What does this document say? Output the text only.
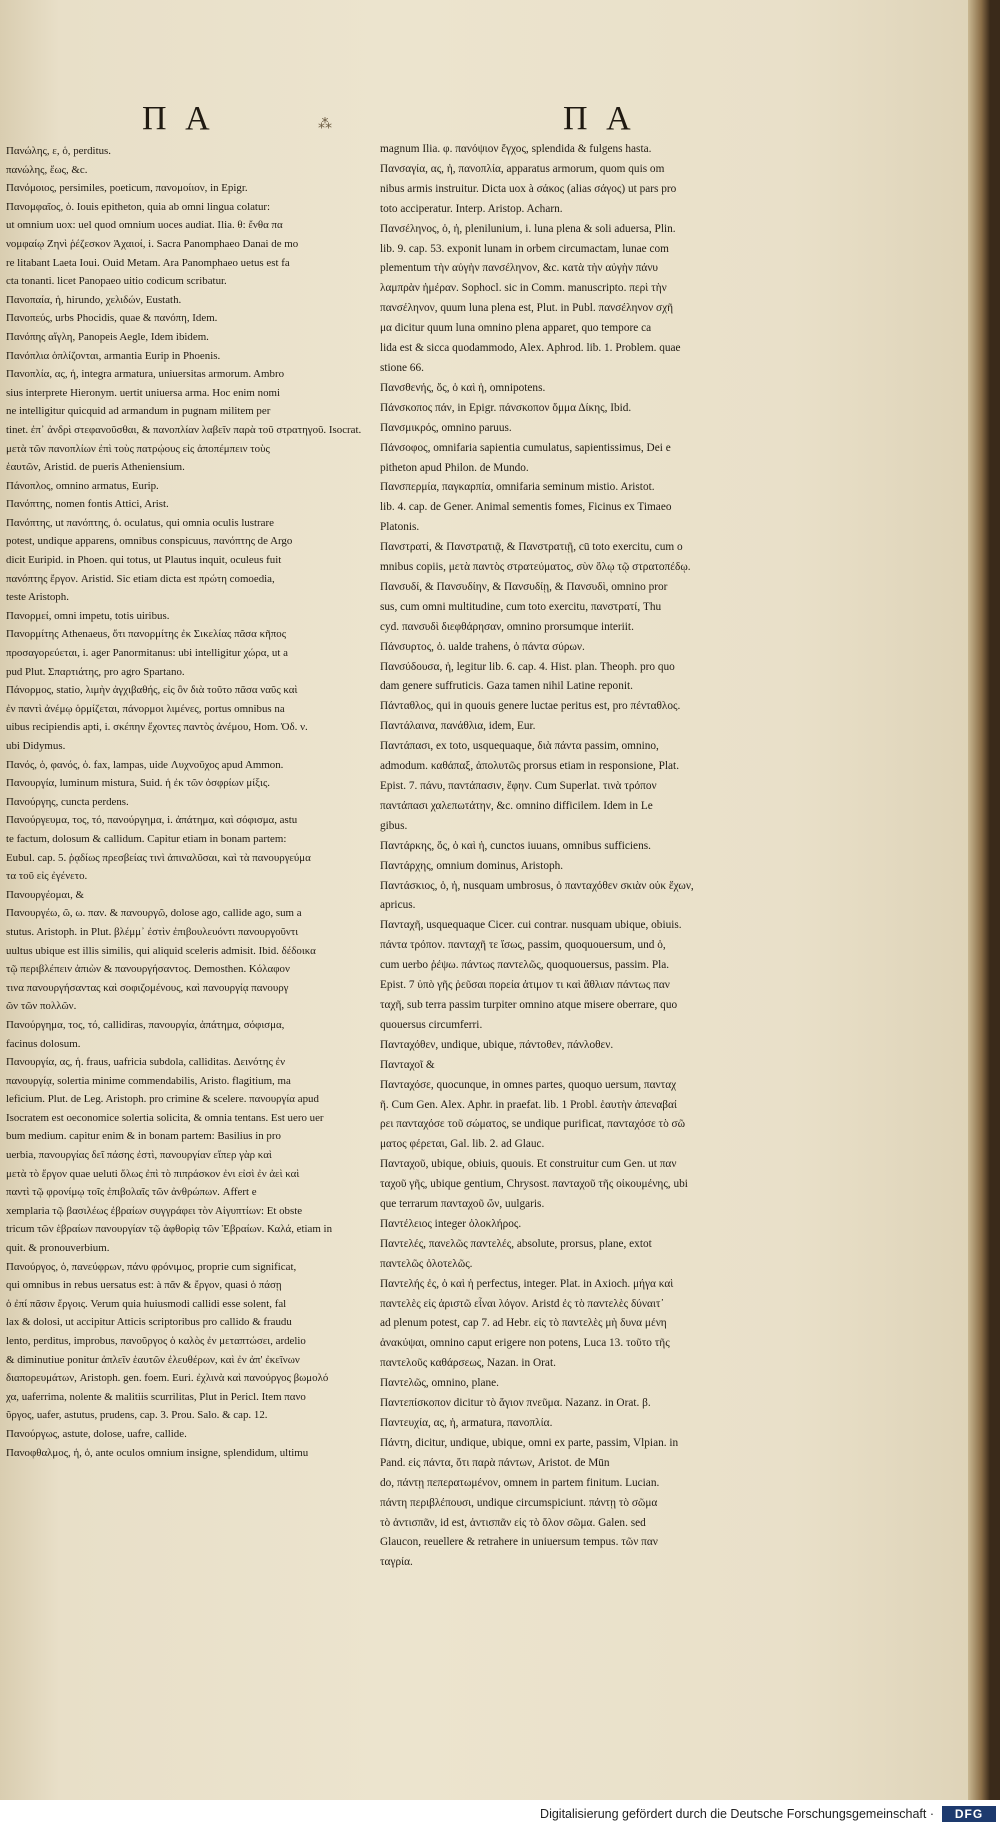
Π Α	⁂	Π Α
Πανώλης, ε, ὁ, perditus.
πανώλης, ἕως, &c.
Πανόμοιος, persimiles, poeticum, πανομοίιον, in Epigr.
Πανομφαῖος, ὁ. Iouis epitheton, quia ab omni lingua colatur:
ut omnium uox: uel quod omnium uoces audiat. Ilia. θ: ἔνθα πα
νομφαίῳ Ζηνὶ ῥέζεσκον Ἀχαιοί, i. Sacra Panomphaeo Danai de mo
re litabant Laeta Ioui. Ouid Metam. Ara Panomphaeo uetus est fa
cta tonanti. licet Panopaeo uitio codicum scribatur.
Πανοπαία, ἡ, hirundo, χελιδών, Eustath.
Πανοπεύς, urbs Phocidis, quae & πανόπη, Idem.
Πανόπης αἴγλη, Panopeis Aegle, Idem ibidem.
Πανόπλια ὁπλίζονται, armantia Eurip in Phoenis.
Πανοπλία, ας, ἡ, integra armatura, uniuersitas armorum. Ambro
sius interprete Hieronym. uertit uniuersa arma. Hoc enim nomi
ne intelligitur quicquid ad armandum in pugnam militem per
tinet. ἐπ᾽ ἀνδρὶ στεφανοῦσθαι, & πανοπλίαν λαβεῖν παρὰ τοῦ στρατηγοῦ. Isocrat.
μετὰ τῶν πανοπλίων ἐπὶ τοὺς πατρῴους εἰς ἀποπέμπειν τοὺς
ἑαυτῶν, Aristid. de pueris Atheniensium.
Πάνοπλος, omnino armatus, Eurip.
Πανόπτης, nomen fontis Attici, Arist.
Πανόπτης, ut πανόπτης, ὁ. oculatus, qui omnia oculis lustrare
potest, undique apparens, omnibus conspicuus, πανόπτης de Argo
dicit Euripid. in Phoen. qui totus, ut Plautus inquit, oculeus fuit
πανόπτης ἔργον. Aristid. Sic etiam dicta est πρώτη comoedia,
teste Aristoph.
Πανορμεί, omni impetu, totis uiribus.
Πανορμίτης Athenaeus, ὅτι πανορμίτης ἐκ Σικελίας πᾶσα κῆπος
προσαγορεύεται, i. ager Panormitanus: ubi intelligitur χώρα, ut a
pud Plut. Σπαρτιάτης, pro agro Spartano.
Πάνορμος, statio, λιμὴν ἀγχιβαθής, εἰς ὃν διὰ τοῦτο πᾶσα ναῦς καὶ
ἐν παντὶ ἀνέμῳ ὁρμίζεται, πάνορμοι λιμένες, portus omnibus na
uibus recipiendis apti, i. σκέπην ἔχοντες παντὸς ἀνέμου, Hom. Ὀδ. ν.
ubi Didymus.
Πανός, ὁ, φανός, ὁ. fax, lampas, uide Λυχνοῦχος apud Ammon.
Πανουργία, luminum mistura, Suid. ἡ ἐκ τῶν ὀσφρίων μίξις.
Πανούργης, cuncta perdens.
Πανούργευμα, τος, τό, πανούργημα, i. ἀπάτημα, καὶ σόφισμα, astu
te factum, dolosum & callidum. Capitur etiam in bonam partem:
Eubul. cap. 5. ῥᾳδίως πρεσβείας τινὶ ἀπιναλῦσαι, καὶ τὰ πανουργεύμα
τα τοῦ εἰς ἐγένετο.
Πανουργέομαι, &
Πανουργέω, ῶ, ω. παν. & πανουργῶ, dolose ago, callide ago, sum a
stutus. Aristoph. in Plut. βλέμμ᾽ ἐστὶν ἐπιβουλευόντι πανουργοῦντι
uultus ubique est illis similis, qui aliquid sceleris admisit. Ibid. δέδοικα
τῷ περιβλέπειν ἀπιὼν & πανουργήσαντος. Demosthen. Κόλαφον
τινα πανουργήσαντας καὶ σοφιζομένους, καὶ πανουργίᾳ πανουργ
ῶν τῶν πολλῶν.
Πανούργημα, τος, τό, callidiras, πανουργία, ἀπάτημα, σόφισμα,
facinus dolosum.
Πανουργία, ας, ἡ. fraus, uafricia subdola, calliditas. Δεινότης ἐν
πανουργίᾳ, solertia minime commendabilis, Aristo. flagitium, ma
leficium. Plut. de Leg. Aristoph. pro crimine & scelere. πανουργία apud
Isocratem est oeconomice solertia solicita, & omnia tentans. Est uero uer
bum medium. capitur enim & in bonam partem: Basilius in pro
uerbia, πανουργίας δεῖ πάσης ἐστὶ, πανουργίαν εἴπερ γὰρ καὶ
μετὰ τὸ ἔργον quae ueluti ὅλως ἐπὶ τὸ πιπράσκον ἐνι εἰσὶ ἐν ἀεὶ καὶ
παντὶ τῷ φρονίμῳ τοῖς ἐπιβολαῖς τῶν ἀνθρώπων. Affert e
xemplaria τῷ βασιλέως ἐβραίων συγγράφει τὸν Αἰγυπτίων: Et obste
tricum τῶν ἑβραίων πανουργίαν τῷ ἀφθορὶᾳ τῶν Ἑβραίων. Καλά, etiam in
quit. & pronouverbium.
Πανούργος, ὁ, πανεύφρων, πάνυ φρόνιμος, proprie cum significat,
qui omnibus in rebus uersatus est: à πᾶν & ἔργον, quasi ὁ πάσῃ
ὁ ἐπί πᾶσιν ἔργοις. Verum quia huiusmodi callidi esse solent, fal
lax & dolosi, ut accipitur Atticis scriptoribus pro callido & fraudu
lento, perditus, improbus, πανοῦργος ὁ καλὸς ἐν μεταπτώσει, ardelio
& diminutiue ponitur ἀπλεῖν ἑαυτῶν ἐλευθέρων, καὶ ἐν ἀπ' ἐκεῖνων
διαπορευμάτων, Aristoph. gen. foem. Euri. ἐχλινὰ καὶ πανούργος βωμολό
χα, uaferrima, nolente & malitiis scurrilitas, Plut in Pericl. Item πανο
ῦργος, uafer, astutus, prudens, cap. 3. Prou. Salo. & cap. 12.
Πανούργως, astute, dolose, uafre, callide.
Πανοφθαλμος, ἡ, ὁ, ante oculos omnium insigne, splendidum, ultimu
magnum Ilia. φ. πανόψιον ἔγχος, splendida & fulgens hasta.
Πανσαγία, ας, ἡ, πανοπλία, apparatus armorum, quom quis om
nibus armis instruitur. Dicta uox à σάκος (alias σάγος) ut pars pro
toto acciperatur. Interp. Aristop. Acharn.
Πανσέληνος, ὁ, ἡ, plenilunium, i. luna plena & soli aduersa, Plin.
lib. 9. cap. 53. exponit lunam in orbem circumactam, lunae com
plementum τὴν αὐγὴν πανσέληνον, &c. κατὰ τὴν αὐγὴν πάνυ
λαμπρὰν ἡμέραν. Sophocl. sic in Comm. manuscripto. περὶ τὴν
πανσέληνον, quum luna plena est, Plut. in Publ. πανσέληνον σχῆ
μα dicitur quum luna omnino plena apparet, quo tempore ca
lida est & sicca quodammodo, Alex. Aphrod. lib. 1. Problem. quae
stione 66.
Πανσθενής, ὅς, ὁ καὶ ἡ, omnipotens.
Πάνσκοπος πάν, in Epigr. πάνσκοπον ὄμμα Δίκης, Ibid.
Πανσμικρός, omnino paruus.
Πάνσοφος, omnifaria sapientia cumulatus, sapientissimus, Dei e
pitheton apud Philon. de Mundo.
Πανσπερμία, παγκαρπία, omnifaria seminum mistio. Aristot.
lib. 4. cap. de Gener. Animal sementis fomes, Ficinus ex Timaeo
Platonis.
Πανστρατί, & Πανστρατιᾷ, & Πανστρατιῇ, cū toto exercitu, cum o
mnibus copiis, μετὰ παντὸς στρατεύματος, σὺν ὅλῳ τῷ στρατοπέδῳ.
Πανσυδί, & Πανσυδίην, & Πανσυδίῃ, & Πανσυδὶ, omnino pror
sus, cum omni multitudine, cum toto exercitu, πανστρατί, Thu
cyd. πανσυδὶ διεφθάρησαν, omnino prorsumque interiit.
Πάνσυρτος, ὁ. ualde trahens, ὁ πάντα σύρων.
Πανσύδουσα, ἡ, legitur lib. 6. cap. 4. Hist. plan. Theoph. pro quo
dam genere suffruticis. Gaza tamen nihil Latine reponit.
Πάνταθλος, qui in quouis genere luctae peritus est, pro πένταθλος.
Παντάλαινα, πανάθλια, idem, Eur.
Παντάπασι, ex toto, usquequaque, διὰ πάντα passim, omnino,
admodum. καθάπαξ, ἀπολυτῶς prorsus etiam in responsione, Plat.
Epist. 7. πάνυ, παντάπασιν, ἔφην. Cum Superlat. τινὰ τρόπον
παντάπασι χαλεπωτάτην, &c. omnino difficilem. Idem in Le
gibus.
Παντάρκης, ὅς, ὁ καὶ ἡ, cunctos iuuans, omnibus sufficiens.
Παντάρχης, omnium dominus, Aristoph.
Παντάσκιος, ὁ, ἡ, nusquam umbrosus, ὁ πανταχόθεν σκιὰν οὐκ ἔχων,
apricus.
Πανταχῆ, usquequaque Cicer. cui contrar. nusquam ubique, obiuis.
πάντα τρόπον. πανταχῆ τε ἴσως, passim, quoquouersum, und ὁ,
cum uerbo ῥέψω. πάντως παντελῶς, quoquouersus, passim. Pla.
Epist. 7 ὑπὸ γῆς ῥεῦσαι πορεία ἀτιμον τι καὶ ἄθλιαν πάντως παν
ταχῆ, sub terra passim turpiter omnino atque misere oberrare, quo
quouersus circumferri.
Πανταχόθεν, undique, ubique, πάντοθεν, πάνλοθεν.
Πανταχοῖ &
Πανταχόσε, quocunque, in omnes partes, quoquo uersum, πανταχ
ῆ. Cum Gen. Alex. Aphr. in praefat. lib. 1 Probl. ἑαυτὴν ἀπεναβαί
ρει πανταχόσε τοῦ σώματος, se undique purificat, πανταχόσε τὸ σῶ
ματος φέρεται, Gal. lib. 2. ad Glauc.
Πανταχοῦ, ubique, obiuis, quouis. Et construitur cum Gen. ut παν
ταχοῦ γῆς, ubique gentium, Chrysost. πανταχοῦ τῆς οἰκουμένης, ubi
que terrarum πανταχοῦ ὤν, uulgaris.
Παντέλειος integer ὁλοκλήρος.
Παντελές, πανελῶς παντελές, absolute, prorsus, plane, extot
παντελῶς ὁλοτελῶς.
Παντελής ἐς, ὁ καὶ ἡ perfectus, integer. Plat. in Axioch. μήγα καὶ
παντελὲς εἰς ἀριστῶ εἶναι λόγον. Aristd ἐς τὸ παντελὲς δύναιτ᾽
ad plenum potest, cap 7. ad Hebr. εἰς τὸ παντελὲς μὴ δυνα μένη
ἀνακύψαι, omnino caput erigere non potens, Luca 13. τοῦτο τῆς
παντελοῦς καθάρσεως, Nazan. in Orat.
Παντελῶς, omnino, plane.
Παντεπίσκοπον dicitur τὸ ἅγιον πνεῦμα. Nazanz. in Orat. β.
Παντευχία, ας, ἡ, armatura, πανοπλία.
Πάντη, dicitur, undique, ubique, omni ex parte, passim, Vlpian. in
Pand. εἰς πάντα, ὅτι παρὰ πάντων, Aristot. de Mūn
do, πάντῃ πεπερατωμένον, omnem in partem finitum. Lucian.
πάντη περιβλέπουσι, undique circumspiciunt. πάντῃ τὸ σῶμα
τὸ ἀντισπᾶν, id est, ἀντισπᾶν εἰς τὸ ὅλον σῶμα. Galen. sed
Glaucon, reuellere & retrahere in uniuersum tempus. τῶν παν
ταγρία.
Digitalisierung gefördert durch die Deutsche Forschungsgemeinschaft ·	DFG
